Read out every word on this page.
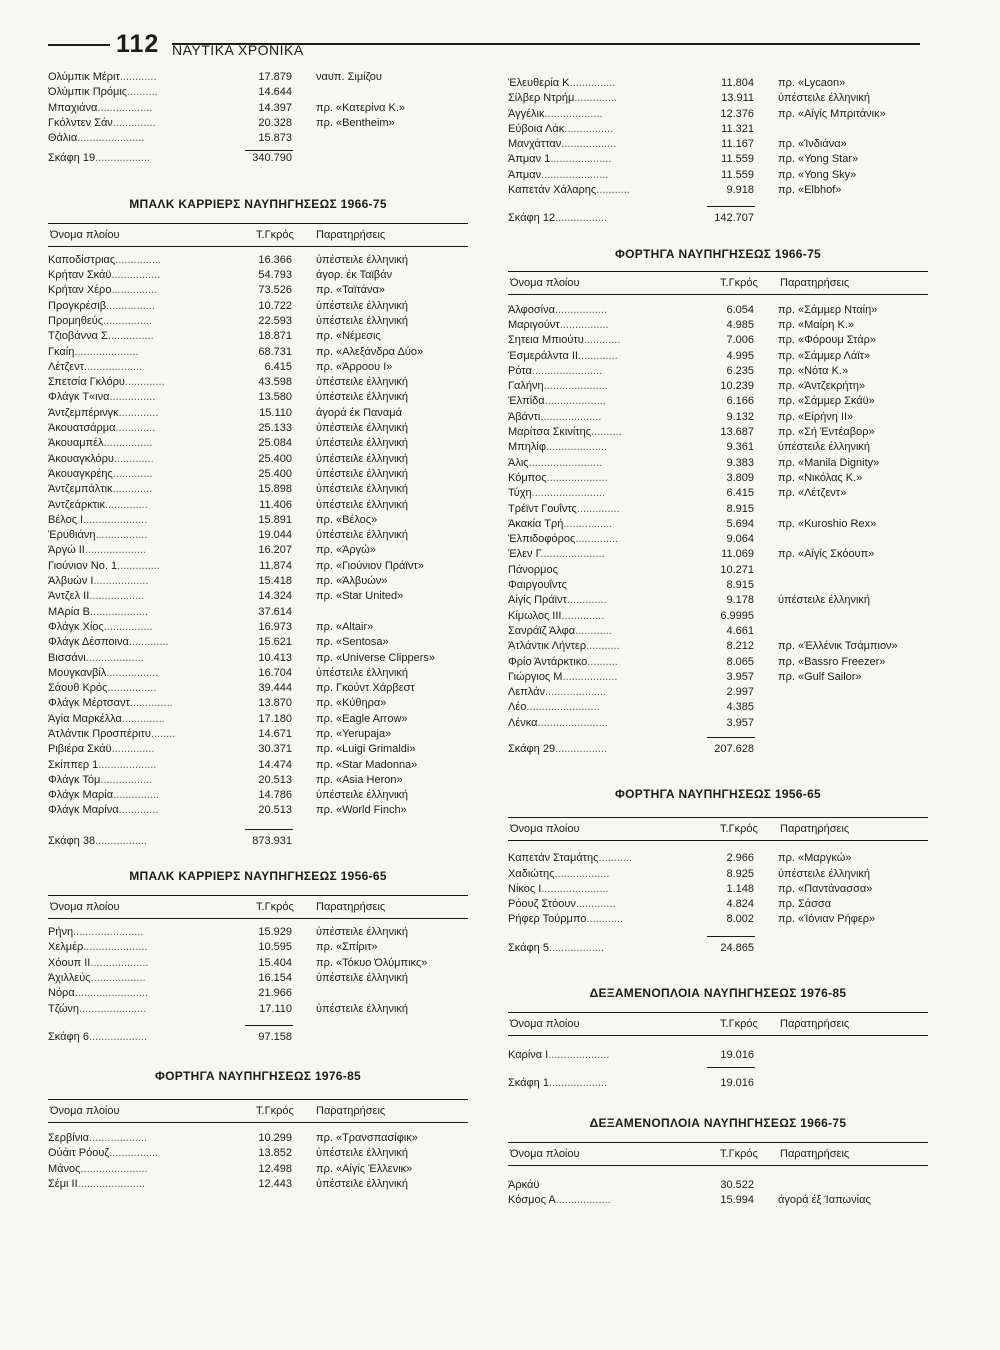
112 ΝΑΥΤΙΚΑ ΧΡΟΝΙΚΑ
Ολύμπικ Μέριτ............	17.879 ναυπ. Σιμίζου
Όλύμπικ Πρόμις..........	14.644
Μπαχιάνα..................	14.397 πρ. «Κατερίνα Κ.»
Γκόλντεν Σάν..............	20.328 πρ. «Bentheim»
Θάλια......................	15.873
Σκάφη 19..................	340.790
ΜΠΑΛΚ ΚΑΡΡΙΕΡΣ ΝΑΥΠΗΓΗΣΕΩΣ 1966-75
Όνομα πλοίου	Τ.Γκρός Παρατηρήσεις
Καποδίστριας...............	16.366 ύπέστειλε έλληνική
Κρήταν Σκάϋ................	54.793 άγορ. έκ Ταϊβάν
Κρήταν Χέρο...............	73.526 πρ. «Ταϊτάνα»
Προγκρέσιβ................	10.722 ύπέστειλε έλληνική
Προμηθεύς................	22.593 ύπέστειλε έλληνική
Τζιοβάννα Σ...............	18.871 πρ. «Νέμεσις
Γκαίη.....................	68.731 πρ. «Αλεξάνδρα Δύο»
Λέτζεντ...................	6.415 πρ. «Άρροου Ι»
Σπετσία Γκλόρυ.............	43.598 ύπέστειλε έλληνική
Φλάγκ Τ«ινα...............	13.580 ύπέστειλε έλληνική
Άντζεμπέρινγκ.............	15.110 άγορά έκ Παναμά
Άκουατσάρμα.............	25.133 ύπέστειλε έλληνική
Άκουαμπέλ................	25.084 ύπέστειλε έλληνική
Άκουαγκλόρυ.............	25.400 ύπέστειλε έλληνική
Άκουαγκρέης.............	25.400 ύπέστειλε έλληνική
Άντζεμπάλτικ.............	15.898 ύπέστειλε έλληνική
Άντζεάρκτικ..............	11.406 ύπέστειλε έλληνική
Βέλος Ι.....................	15.891 πρ. «Βέλος»
Έρυθιάνη.................	19.044 ύπέστειλε έλληνική
Άργώ ΙΙ....................	16.207 πρ. «Άργώ»
Γιούνιον Νο. 1..............	11.874 πρ. «Γιούνιον Πράϊντ»
Άλβυών Ι..................	15.418 πρ. «Άλβυών»
Άντζελ ΙΙ..................	14.324 πρ. «Star United»
ΜΑρία Β...................	37.614
Φλάγκ Χίος................	16.973 πρ. «Altair»
Φλάγκ Δέσποινα.............	15.621 πρ. «Sentosa»
Βισσάνι...................	10.413 πρ. «Universe Clippers»
Μουγκανβίλ.................	16.704 ύπέστειλε έλληνική
Σάουθ Κρός................	39.444 πρ. Γκούντ Χάρβεστ
Φλάγκ Μέρτσαντ..............	13.870 πρ. «Κύθηρα»
Άγία Μαρκέλλα..............	17.180 πρ. «Eagle Arrow»
Άτλάντικ Προσπέριτυ........	14.671 πρ. «Yerupaja»
Ριβιέρα Σκάϋ..............	30.371 πρ. «Luigi Grimaldi»
Σκίππερ 1...................	14.474 πρ. «Star Madonna»
Φλάγκ Τόμ.................	20.513 πρ. «Asia Heron»
Φλάγκ Μαρία...............	14.786 ύπέστειλε έλληνική
Φλάγκ Μαρίνα.............	20.513 πρ. «World Finch»
Σκάφη 38.................	873.931
ΜΠΑΛΚ ΚΑΡΡΙΕΡΣ ΝΑΥΠΗΓΗΣΕΩΣ 1956-65
Όνομα πλοίου	Τ.Γκρός Παρατηρήσεις
Ρήνη.......................	15.929 ύπέστειλε έλληνική
Χελμέρ.....................	10.595 πρ. «Σπίριτ»
Χόουπ ΙΙ...................	15.404 πρ. «Τόκυο Όλύμπικς»
Άχιλλεύς..................	16.154 ύπέστειλε έλληνική
Νόρα........................	21.966
Τζώνη......................	17.110 ύπέστειλε έλληνική
Σκάφη 6...................	97.158
ΦΟΡΤΗΓΑ ΝΑΥΠΗΓΗΣΕΩΣ 1976-85
Όνομα πλοίου	Τ.Γκρός Παρατηρήσεις
Σερβίνια...................	10.299 πρ. «Τρανσπασίφικ»
Ούάιτ Ρόουζ................	13.852 ύπέστειλε έλληνική
Μάνος......................	12.498 πρ. «Αίγίς Έλλενικ»
Σέμι ΙΙ......................	12.443 ύπέστειλε έλληνική
Έλευθερία Κ...............	11.804 πρ. «Lycaon»
Σίλβερ Ντρήμ..............	13.911 ύπέστειλε έλληνική
Άγγέλικ...................	12.376 πρ. «Αίγίς Μπριτάνικ»
Εύβοια Λάκ................	11.321
Μανχάτταν..................	11.167 πρ. «Ίνδιάνα»
Άπμαν 1....................	11.559 πρ. «Yong Star»
Άπμαν......................	11.559 πρ. «Yong Sky»
Καπετάν Χάλαρης...........	9.918 πρ. «Elbhof»
Σκάφη 12.................	142.707
ΦΟΡΤΗΓΑ ΝΑΥΠΗΓΗΣΕΩΣ 1966-75
Όνομα πλοίου	Τ.Γκρός Παρατηρήσεις
Άλφοσίνα.................	6.054 πρ. «Σάμμερ Νταίη»
Μαριγούντ................	4.985 πρ. «Μαίρη Κ.»
Σητεια Μπιούτυ............	7.006 πρ. «Φόρουμ Στάρ»
Έσμεράλντα ΙΙ.............	4.995 πρ. «Σάμμερ Λάϊτ»
Ρότα.......................	6.235 πρ. «Νότα Κ.»
Γαλήνη.....................	10.239 πρ. «Άντζεκρήτη»
Έλπίδα....................	6.166 πρ. «Σάμμερ Σκάϋ»
Άβάντι....................	9.132 πρ. «Είρήνη ΙΙ»
Μαρίτσα Σκινίτης..........	13.687 πρ. «Σή Έντέαβορ»
Μπηλίφ....................	9.361 ύπέστειλε έλληνική
Άλις........................	9.383 πρ. «Manila Dignity»
Κόμπος....................	3.809 πρ. «Νικόλας Κ.»
Τύχη........................	6.415 πρ. «Λέτζεντ»
Τρέϊντ Γουΐντς..............	8.915
Άκακία Τρή................	5.694 πρ. «Kuroshio Rex»
Έλπιδοφόρος..............	9.064
Έλεν Γ.....................	11.069 πρ. «Αίγίς Σκόουπ»
Πάνορμος	10.271
Φαιργουΐντς	8.915
Αίγίς Πράϊντ.............	9.178 ύπέστειλε έλληνική
Κίμωλος ΙΙΙ..............	6.9995
Σανράϊζ Άλφα............	4.661
Άτλάντικ Λήντερ...........	8.212 πρ. «Έλλένικ Τσάμπιον»
Φρίο Άντάρκτικο..........	8.065 πρ. «Bassro Freezer»
Γιώργιος Μ..................	3.957 πρ. «Gulf Sailor»
Λεπλάν....................	2.997
Λέο........................	4.385
Λένκα.......................	3.957
Σκάφη 29.................	207.628
ΦΟΡΤΗΓΑ ΝΑΥΠΗΓΗΣΕΩΣ 1956-65
Όνομα πλοίου	Τ.Γκρός Παρατηρήσεις
Καπετάν Σταμάτης...........	2.966 πρ. «Μαργκώ»
Χαδιώτης..................	8.925 ύπέστειλε έλληνική
Νίκος Ι......................	1.148 πρ. «Παντάνασσα»
Ρόουζ Στόουν.............	4.824 πρ. Σάσσα
Ρήφερ Τούρμπο............	8.002 πρ. «Ίόνιαν Ρήφερ»
Σκάφη 5..................	24.865
ΔΕΞΑΜΕΝΟΠΛΟΙΑ ΝΑΥΠΗΓΗΣΕΩΣ 1976-85
Όνομα πλοίου	Τ.Γκρός Παρατηρήσεις
Καρίνα Ι....................	19.016
Σκάφη 1...................	19.016
ΔΕΞΑΜΕΝΟΠΛΟΙΑ ΝΑΥΠΗΓΗΣΕΩΣ 1966-75
Όνομα πλοίου	Τ.Γκρός Παρατηρήσεις
Άρκάϋ	30.522
Κόσμος Α..................	15.994 άγορά έξ Ίαπωνίας
